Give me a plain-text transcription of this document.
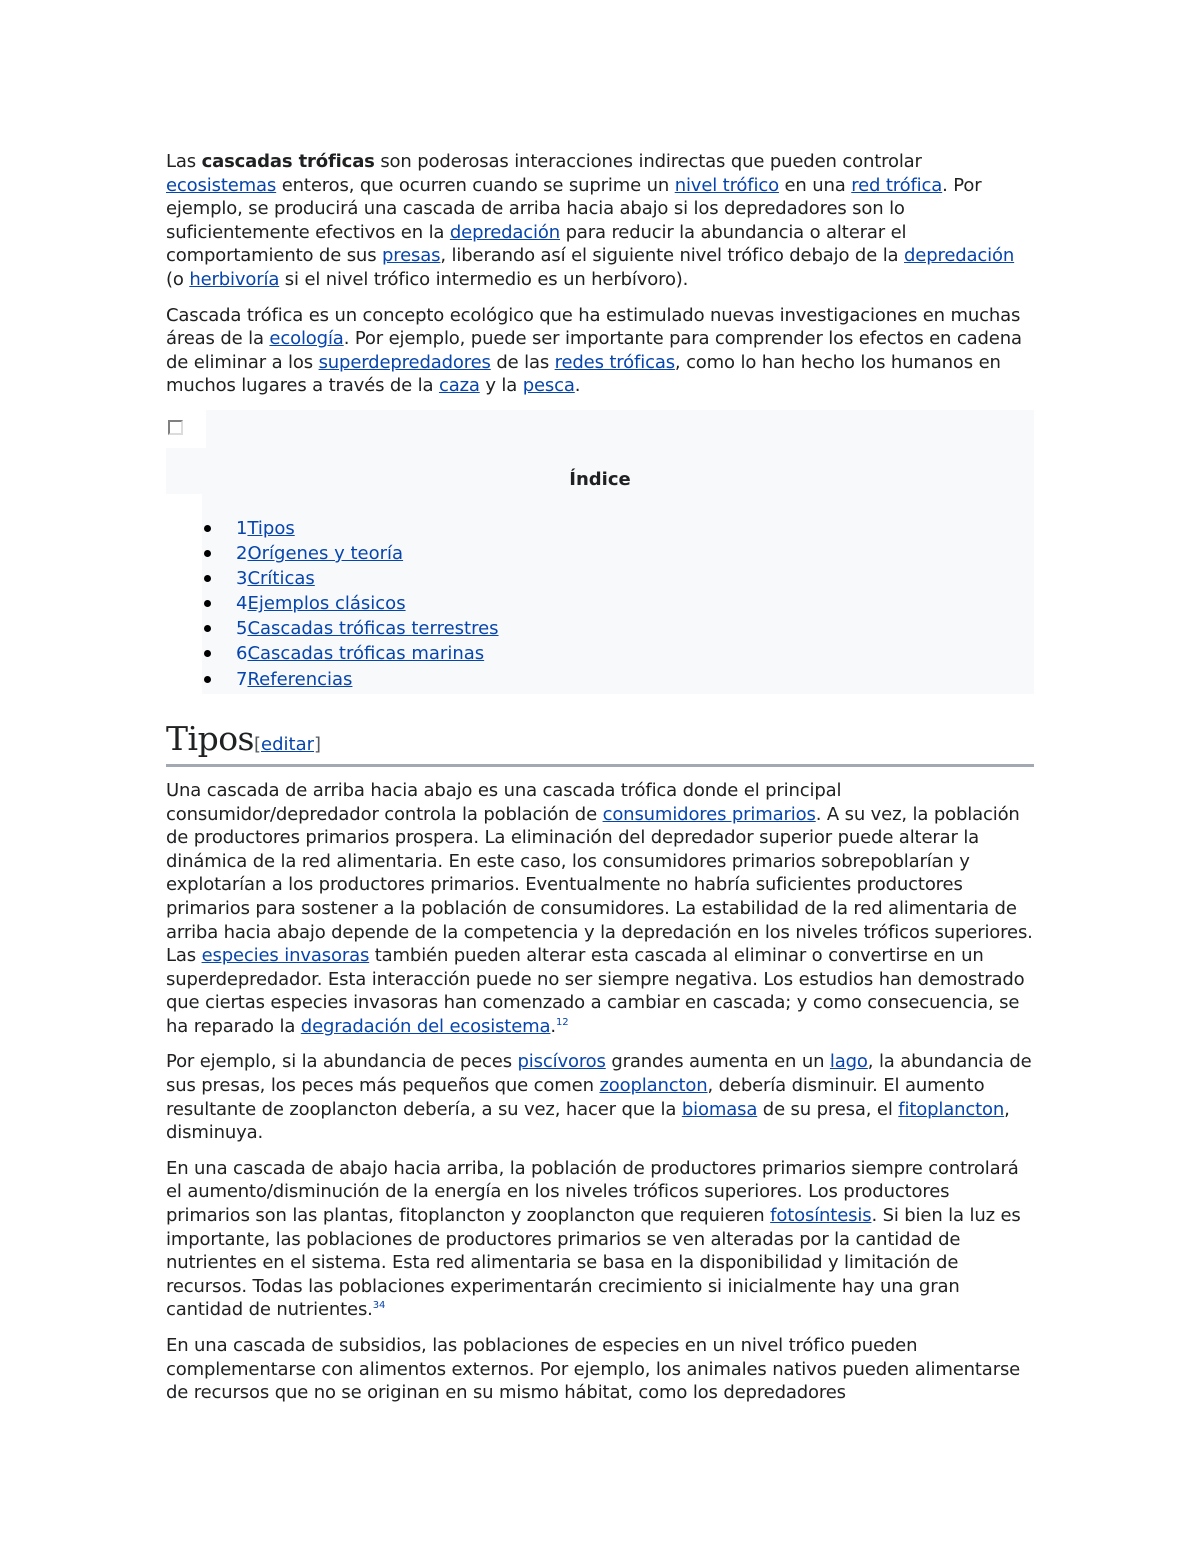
Las cascadas tróficas son poderosas interacciones indirectas que pueden controlar ecosistemas enteros, que ocurren cuando se suprime un nivel trófico en una red trófica. Por ejemplo, se producirá una cascada de arriba hacia abajo si los depredadores son lo suficientemente efectivos en la depredación para reducir la abundancia o alterar el comportamiento de sus presas, liberando así el siguiente nivel trófico debajo de la depredación (o herbivoría si el nivel trófico intermedio es un herbívoro).

Cascada trófica es un concepto ecológico que ha estimulado nuevas investigaciones en muchas áreas de la ecología. Por ejemplo, puede ser importante para comprender los efectos en cadena de eliminar a los superdepredadores de las redes tróficas, como lo han hecho los humanos en muchos lugares a través de la caza y la pesca.

Índice
1Tipos
2Orígenes y teoría
3Críticas
4Ejemplos clásicos
5Cascadas tróficas terrestres
6Cascadas tróficas marinas
7Referencias
Tipos[editar]

Una cascada de arriba hacia abajo es una cascada trófica donde el principal consumidor/depredador controla la población de consumidores primarios. A su vez, la población de productores primarios prospera. La eliminación del depredador superior puede alterar la dinámica de la red alimentaria. En este caso, los consumidores primarios sobrepoblarían y explotarían a los productores primarios. Eventualmente no habría suficientes productores primarios para sostener a la población de consumidores. La estabilidad de la red alimentaria de arriba hacia abajo depende de la competencia y la depredación en los niveles tróficos superiores. Las especies invasoras también pueden alterar esta cascada al eliminar o convertirse en un superdepredador. Esta interacción puede no ser siempre negativa. Los estudios han demostrado que ciertas especies invasoras han comenzado a cambiar en cascada; y como consecuencia, se ha reparado la degradación del ecosistema.$^{12}$

Por ejemplo, si la abundancia de peces piscívoros grandes aumenta en un lago, la abundancia de sus presas, los peces más pequeños que comen zooplancton, debería disminuir. El aumento resultante de zooplancton debería, a su vez, hacer que la biomasa de su presa, el fitoplancton, disminuya.

En una cascada de abajo hacia arriba, la población de productores primarios siempre controlará el aumento/disminución de la energía en los niveles tróficos superiores. Los productores primarios son las plantas, fitoplancton y zooplancton que requieren fotosíntesis. Si bien la luz es importante, las poblaciones de productores primarios se ven alteradas por la cantidad de nutrientes en el sistema. Esta red alimentaria se basa en la disponibilidad y limitación de recursos. Todas las poblaciones experimentarán crecimiento si inicialmente hay una gran cantidad de nutrientes.$^{34}$

En una cascada de subsidios, las poblaciones de especies en un nivel trófico pueden complementarse con alimentos externos. Por ejemplo, los animales nativos pueden alimentarse de recursos que no se originan en su mismo hábitat, como los depredadores
